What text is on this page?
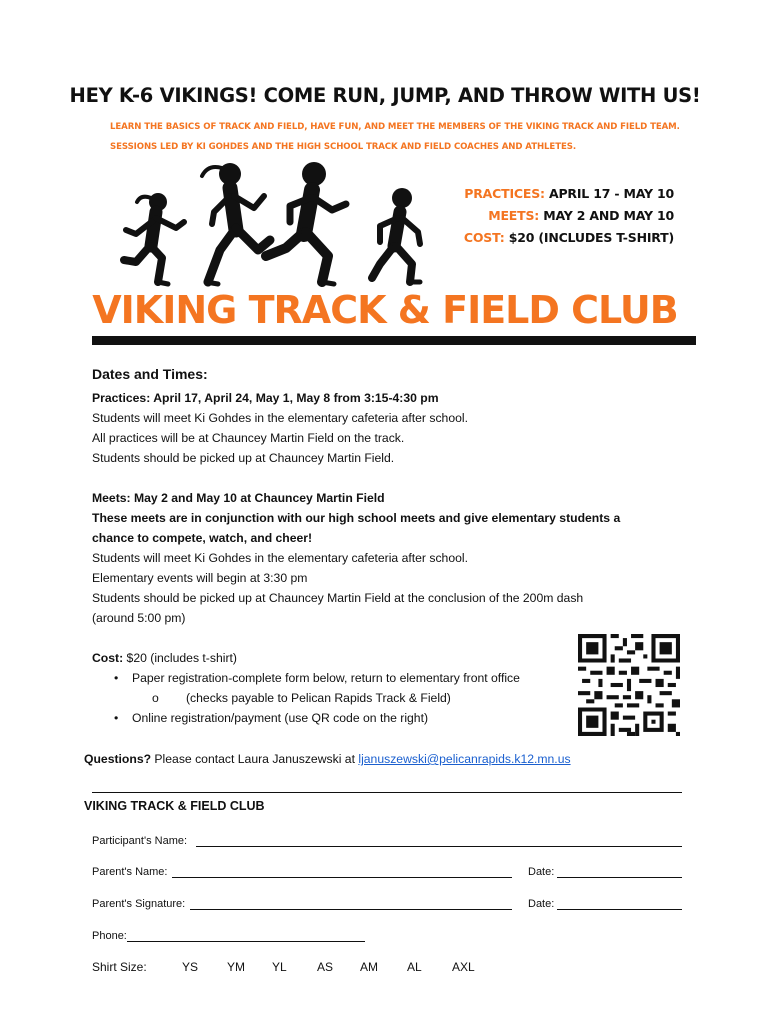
HEY K-6 VIKINGS! COME RUN, JUMP, AND THROW WITH US!
LEARN THE BASICS OF TRACK AND FIELD, HAVE FUN, AND MEET THE MEMBERS OF THE VIKING TRACK AND FIELD TEAM.
SESSIONS LED BY KI GOHDES AND THE HIGH SCHOOL TRACK AND FIELD COACHES AND ATHLETES.
PRACTICES: APRIL 17 - MAY 10
MEETS: MAY 2 AND MAY 10
COST: $20 (INCLUDES T-SHIRT)
VIKING TRACK & FIELD CLUB
Dates and Times:
Practices: April 17, April 24, May 1, May 8 from 3:15-4:30 pm
Students will meet Ki Gohdes in the elementary cafeteria after school.
All practices will be at Chauncey Martin Field on the track.
Students should be picked up at Chauncey Martin Field.
Meets: May 2 and May 10 at Chauncey Martin Field
These meets are in conjunction with our high school meets and give elementary students a
chance to compete, watch, and cheer!
Students will meet Ki Gohdes in the elementary cafeteria after school.
Elementary events will begin at 3:30 pm
Students should be picked up at Chauncey Martin Field at the conclusion of the 200m dash
(around 5:00 pm)
Cost: $20 (includes t-shirt)
•	Paper registration-complete form below, return to elementary front office
o	(checks payable to Pelican Rapids Track & Field)
•	Online registration/payment (use QR code on the right)
Questions? Please contact Laura Januszewski at ljanuszewski@pelicanrapids.k12.mn.us
VIKING TRACK & FIELD CLUB
Participant's Name:
Parent's Name:	Date:
Parent's Signature:	Date:
Phone:
Shirt Size:	YS YM YL	AS AM AL	AXL
